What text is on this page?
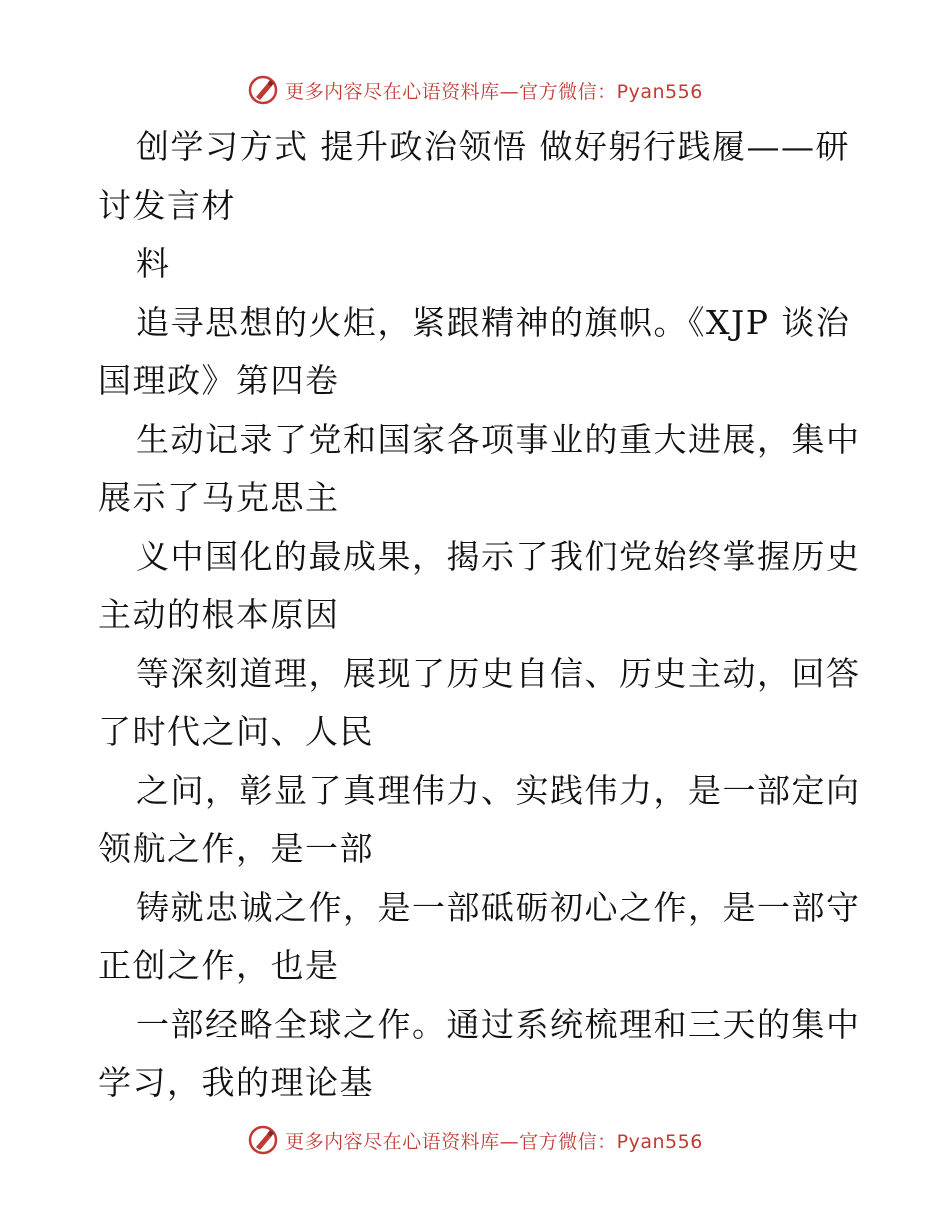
更多内容尽在心语资料库—官方微信：Pyan556
创学习方式 提升政治领悟 做好躬行践履——研
讨发言材
料
追寻思想的火炬，紧跟精神的旗帜。《XJP 谈治
国理政》第四卷
生动记录了党和国家各项事业的重大进展，集中
展示了马克思主
义中国化的最成果，揭示了我们党始终掌握历史
主动的根本原因
等深刻道理，展现了历史自信、历史主动，回答
了时代之问、人民
之问，彰显了真理伟力、实践伟力，是一部定向
领航之作，是一部
铸就忠诚之作，是一部砥砺初心之作，是一部守
正创之作，也是
一部经略全球之作。通过系统梳理和三天的集中
学习，我的理论基
更多内容尽在心语资料库—官方微信：Pyan556
